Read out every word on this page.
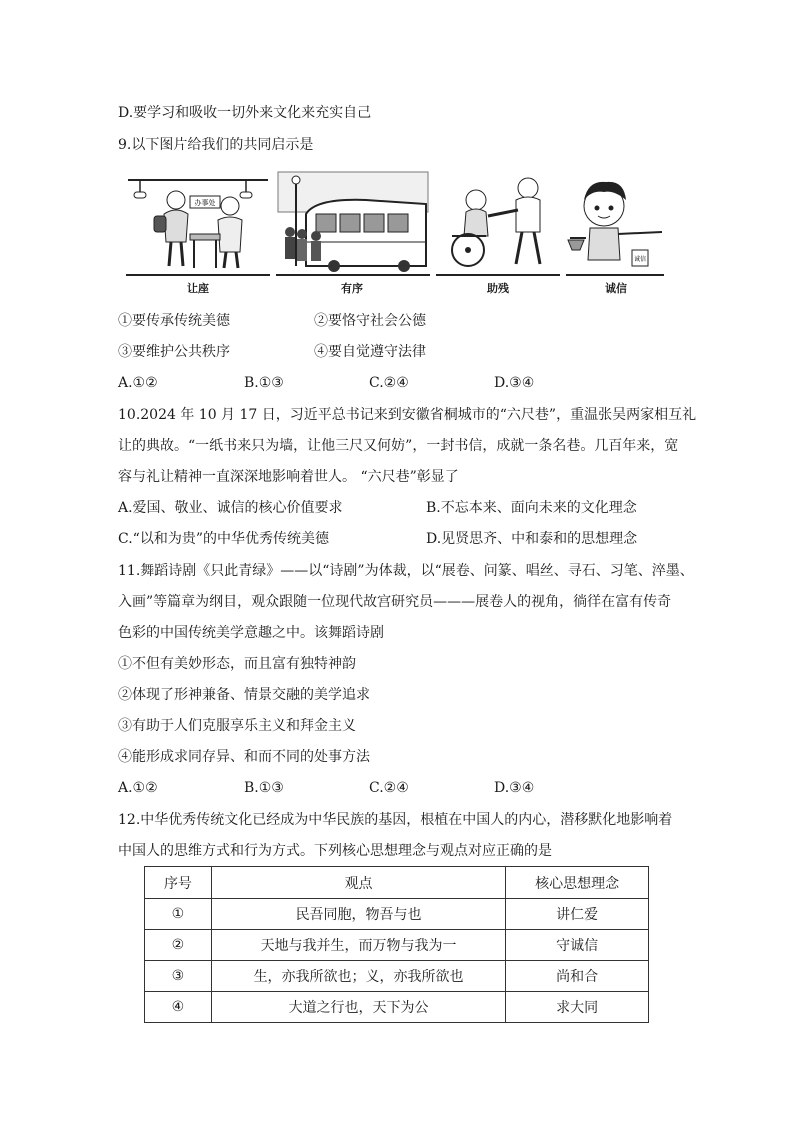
D.要学习和吸收一切外来文化来充实自己
9.以下图片给我们的共同启示是
办事处
诚信
让座	有序	助残	诚信
①要传承传统美德	②要恪守社会公德
③要维护公共秩序	④要自觉遵守法律
A.①②	B.①③	C.②④	D.③④
10.2024 年 10 月 17 日，习近平总书记来到安徽省桐城市的“六尺巷”，重温张吴两家相互礼
让的典故。“一纸书来只为墙，让他三尺又何妨”，一封书信，成就一条名巷。几百年来，宽
容与礼让精神一直深深地影响着世人。 “六尺巷”彰显了
A.爱国、敬业、诚信的核心价值要求	B.不忘本来、面向未来的文化理念
C.“以和为贵”的中华优秀传统美德	D.见贤思齐、中和泰和的思想理念
11.舞蹈诗剧《只此青绿》——以“诗剧”为体裁，以“展卷、问篆、唱丝、寻石、习笔、淬墨、
入画”等篇章为纲目，观众跟随一位现代故宫研究员———展卷人的视角，徜徉在富有传奇
色彩的中国传统美学意趣之中。该舞蹈诗剧
①不但有美妙形态，而且富有独特神韵
②体现了形神兼备、情景交融的美学追求
③有助于人们克服享乐主义和拜金主义
④能形成求同存异、和而不同的处事方法
A.①②	B.①③	C.②④	D.③④
12.中华优秀传统文化已经成为中华民族的基因，根植在中国人的内心，潜移默化地影响着
中国人的思维方式和行为方式。下列核心思想理念与观点对应正确的是
序号	观点	核心思想理念
①	民吾同胞，物吾与也	讲仁爱
②	天地与我并生，而万物与我为一	守诚信
③	生，亦我所欲也；义，亦我所欲也	尚和合
④	大道之行也，天下为公	求大同
